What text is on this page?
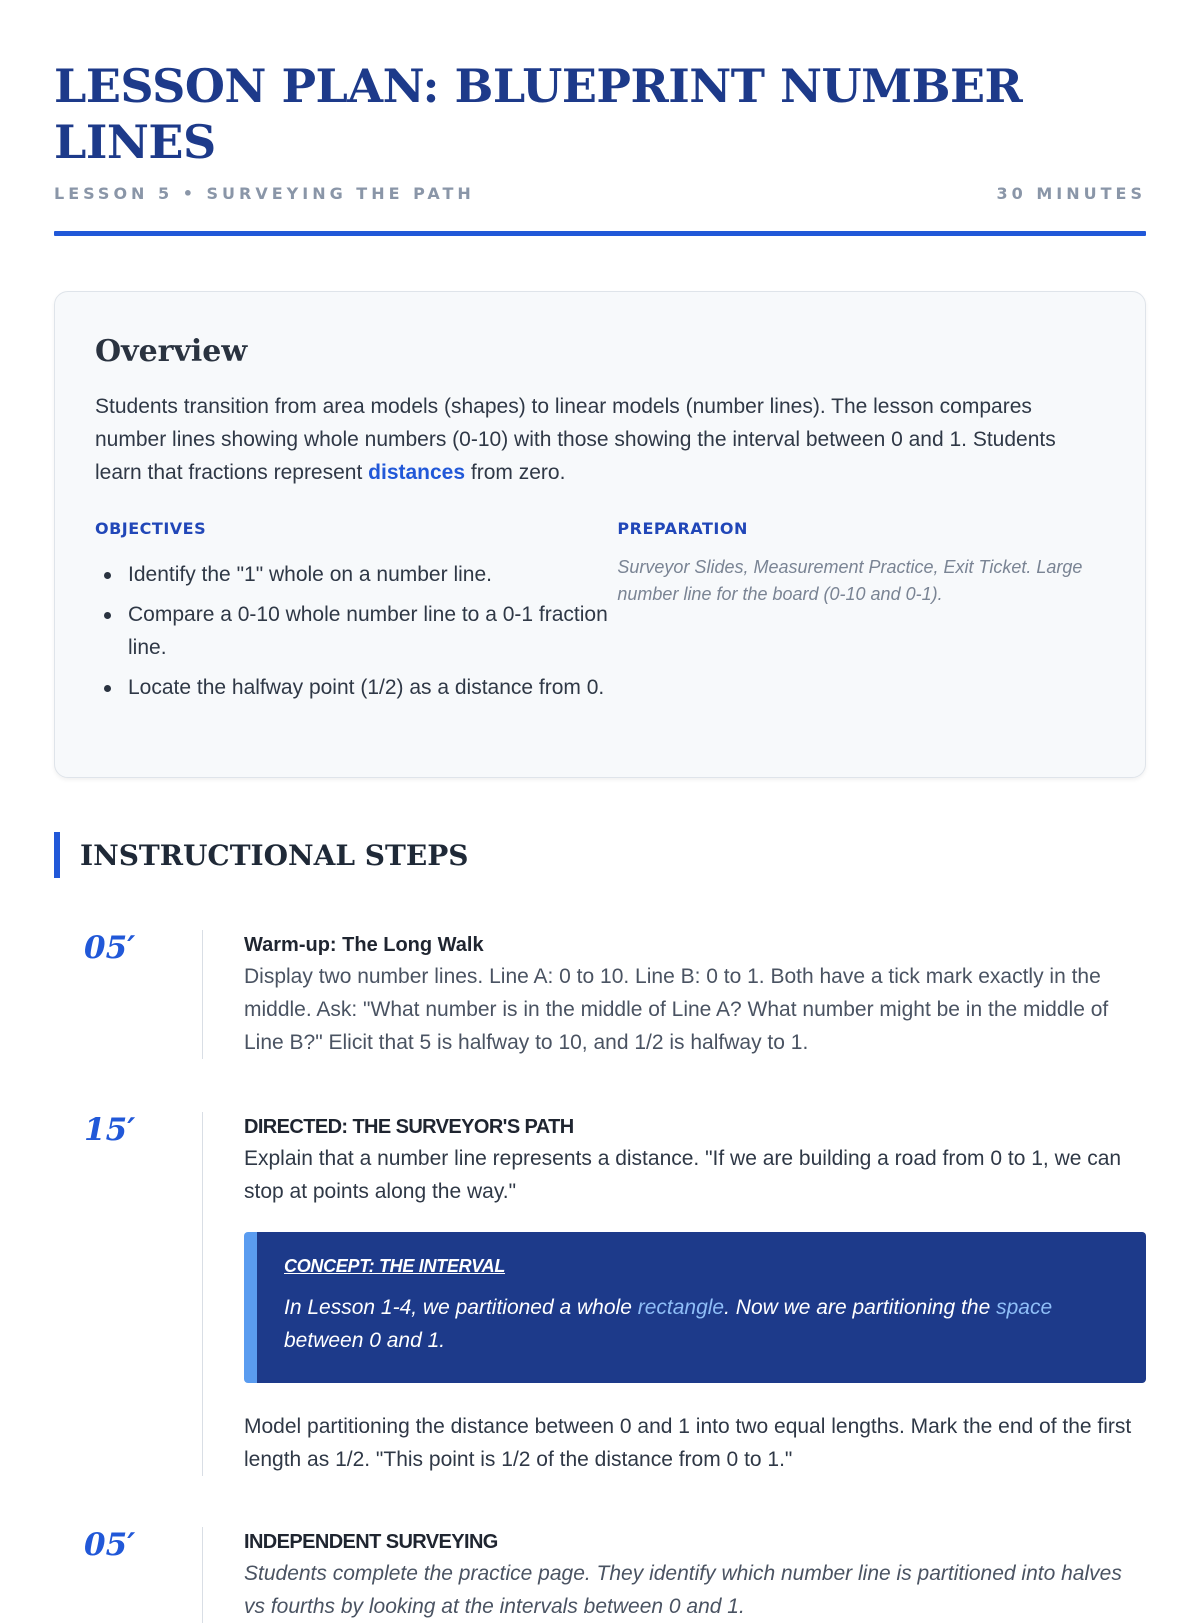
LESSON PLAN: BLUEPRINT NUMBER LINES
LESSON 5 • SURVEYING THE PATH	30 MINUTES
Overview

Students transition from area models (shapes) to linear models (number lines). The lesson compares number lines showing whole numbers (0-10) with those showing the interval between 0 and 1. Students learn that fractions represent distances from zero.

OBJECTIVES
Identify the "1" whole on a number line.
Compare a 0-10 whole number line to a 0-1 fraction line.
Locate the halfway point (1/2) as a distance from 0.
PREPARATION

Surveyor Slides, Measurement Practice, Exit Ticket. Large number line for the board (0-10 and 0-1).

INSTRUCTIONAL STEPS
05′	Warm-up: The Long Walk

Display two number lines. Line A: 0 to 10. Line B: 0 to 1. Both have a tick mark exactly in the middle. Ask: "What number is in the middle of Line A? What number might be in the middle of Line B?" Elicit that 5 is halfway to 10, and 1/2 is halfway to 1.

15′	DIRECTED: THE SURVEYOR'S PATH

Explain that a number line represents a distance. "If we are building a road from 0 to 1, we can stop at points along the way."

CONCEPT: THE INTERVAL

In Lesson 1-4, we partitioned a whole rectangle. Now we are partitioning the space between 0 and 1.

Model partitioning the distance between 0 and 1 into two equal lengths. Mark the end of the first length as 1/2. "This point is 1/2 of the distance from 0 to 1."

05′	INDEPENDENT SURVEYING

Students complete the practice page. They identify which number line is partitioned into halves vs fourths by looking at the intervals between 0 and 1.
